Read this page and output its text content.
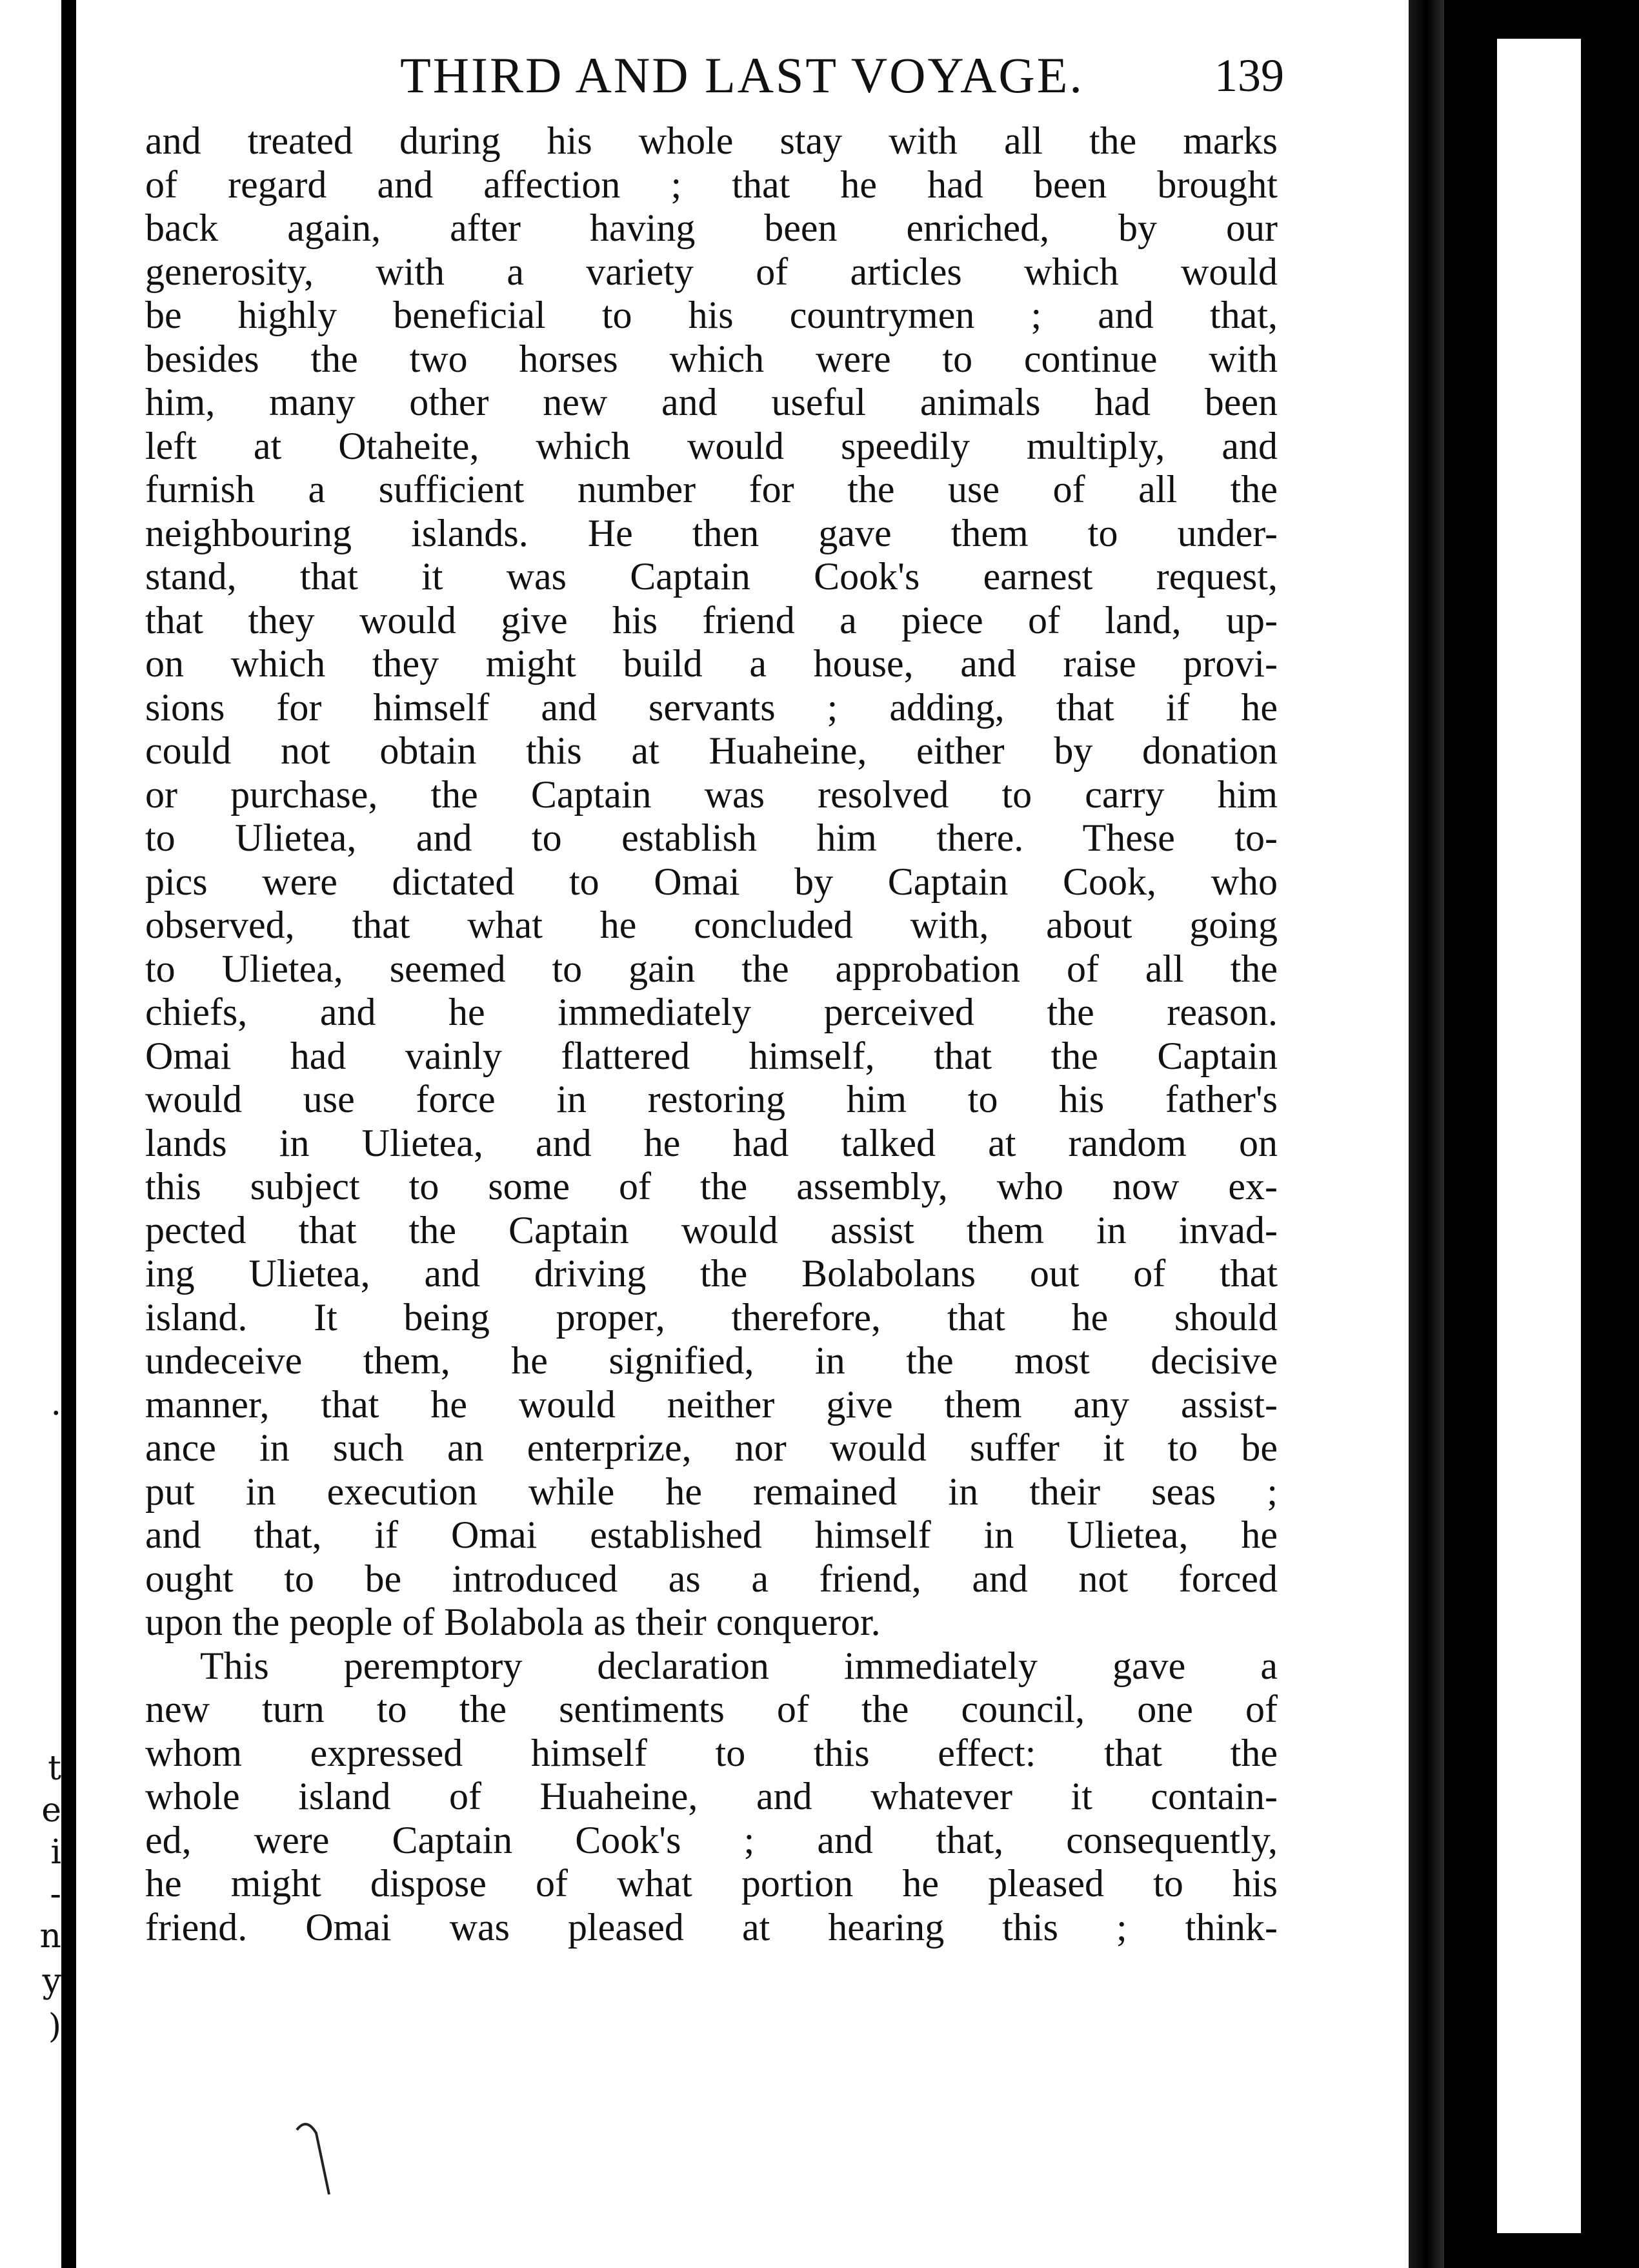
.
t
e
i
-
n
y
)
THIRD AND LAST VOYAGE.	139
and treated during his whole stay with all the marks
of regard and affection ; that he had been brought
back again, after having been enriched, by our
generosity, with a variety of articles which would
be highly beneficial to his countrymen ; and that,
besides the two horses which were to continue with
him, many other new and useful animals had been
left at Otaheite, which would speedily multiply, and
furnish a sufficient number for the use of all the
neighbouring islands. He then gave them to under-
stand, that it was Captain Cook's earnest request,
that they would give his friend a piece of land, up-
on which they might build a house, and raise provi-
sions for himself and servants ; adding, that if he
could not obtain this at Huaheine, either by donation
or purchase, the Captain was resolved to carry him
to Ulietea, and to establish him there. These to-
pics were dictated to Omai by Captain Cook, who
observed, that what he concluded with, about going
to Ulietea, seemed to gain the approbation of all the
chiefs, and he immediately perceived the reason.
Omai had vainly flattered himself, that the Captain
would use force in restoring him to his father's
lands in Ulietea, and he had talked at random on
this subject to some of the assembly, who now ex-
pected that the Captain would assist them in invad-
ing Ulietea, and driving the Bolabolans out of that
island. It being proper, therefore, that he should
undeceive them, he signified, in the most decisive
manner, that he would neither give them any assist-
ance in such an enterprize, nor would suffer it to be
put in execution while he remained in their seas ;
and that, if Omai established himself in Ulietea, he
ought to be introduced as a friend, and not forced
upon the people of Bolabola as their conqueror.
This peremptory declaration immediately gave a
new turn to the sentiments of the council, one of
whom expressed himself to this effect: that the
whole island of Huaheine, and whatever it contain-
ed, were Captain Cook's ; and that, consequently,
he might dispose of what portion he pleased to his
friend. Omai was pleased at hearing this ; think-
